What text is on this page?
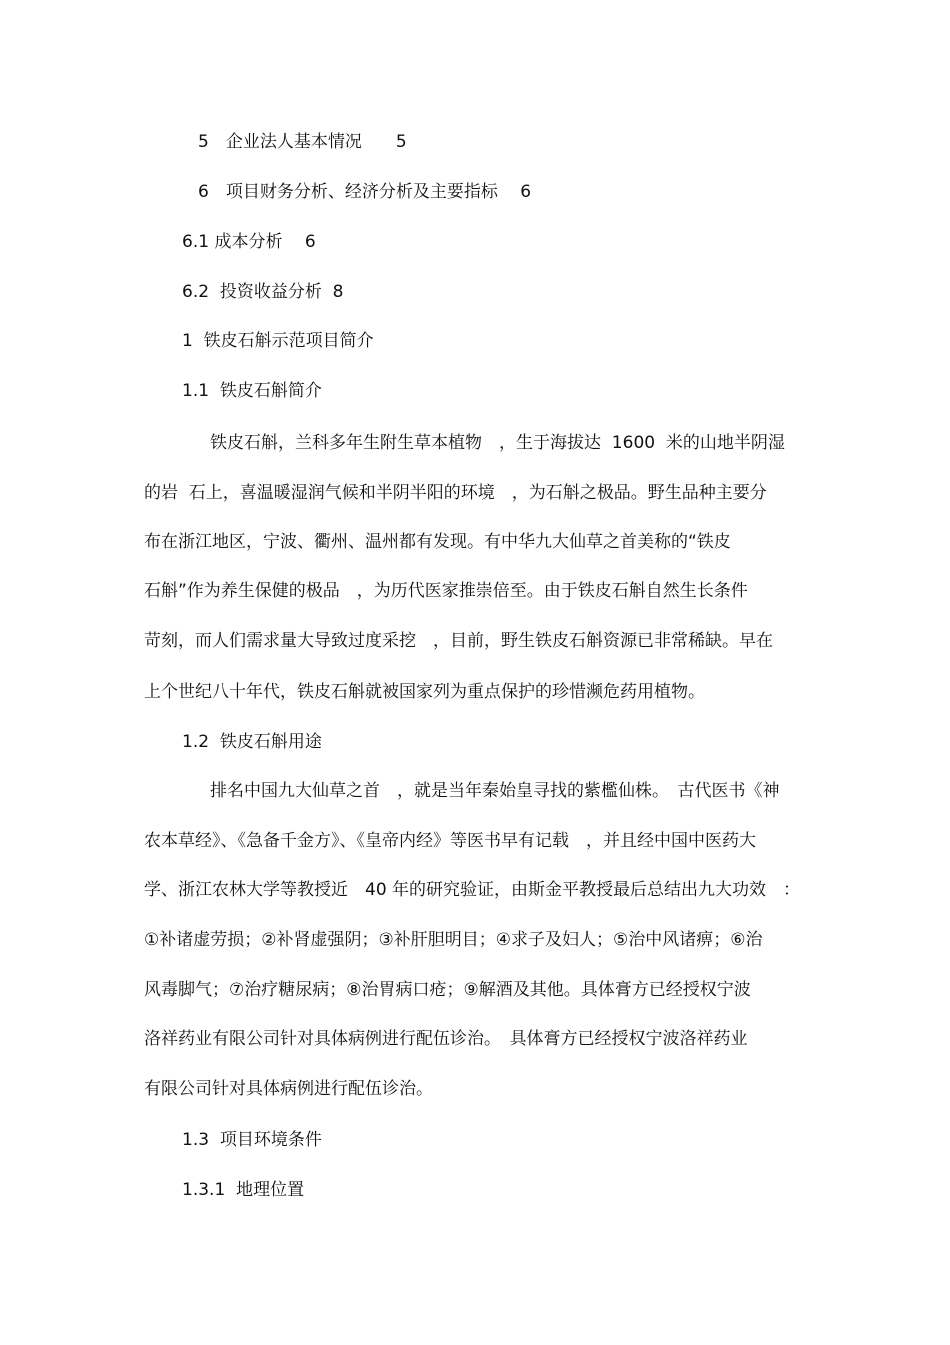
5　企业法人基本情况　　5
6　项目财务分析、经济分析及主要指标　 6
6.1 成本分析　 6
6.2  投资收益分析  8
1  铁皮石斛示范项目简介
1.1  铁皮石斛简介
铁皮石斛，兰科多年生附生草本植物　，生于海拔达  1600  米的山地半阴湿
的岩  石上，喜温暖湿润气候和半阴半阳的环境　，为石斛之极品。野生品种主要分
布在浙江地区，宁波、衢州、温州都有发现。有中华九大仙草之首美称的“铁皮
石斛”作为养生保健的极品　，为历代医家推崇倍至。由于铁皮石斛自然生长条件
苛刻，而人们需求量大导致过度采挖　，目前，野生铁皮石斛资源已非常稀缺。早在
上个世纪八十年代，铁皮石斛就被国家列为重点保护的珍惜濒危药用植物。
1.2  铁皮石斛用途
排名中国九大仙草之首　，就是当年秦始皇寻找的紫檻仙株。　古代医书《神
农本草经》、《急备千金方》、《皇帝内经》等医书早有记载　，并且经中国中医药大
学、浙江农林大学等教授近　40 年的研究验证，由斯金平教授最后总结出九大功效　：
①补诸虚劳损；②补肾虚强阴；③补肝胆明目；④求子及妇人；⑤治中风诸痹；⑥治
风毒脚气；⑦治疗糖尿病；⑧治胃病口疮；⑨解酒及其他。具体膏方已经授权宁波
洛祥药业有限公司针对具体病例进行配伍诊治。　具体膏方已经授权宁波洛祥药业
有限公司针对具体病例进行配伍诊治。
1.3  项目环境条件
1.3.1  地理位置
